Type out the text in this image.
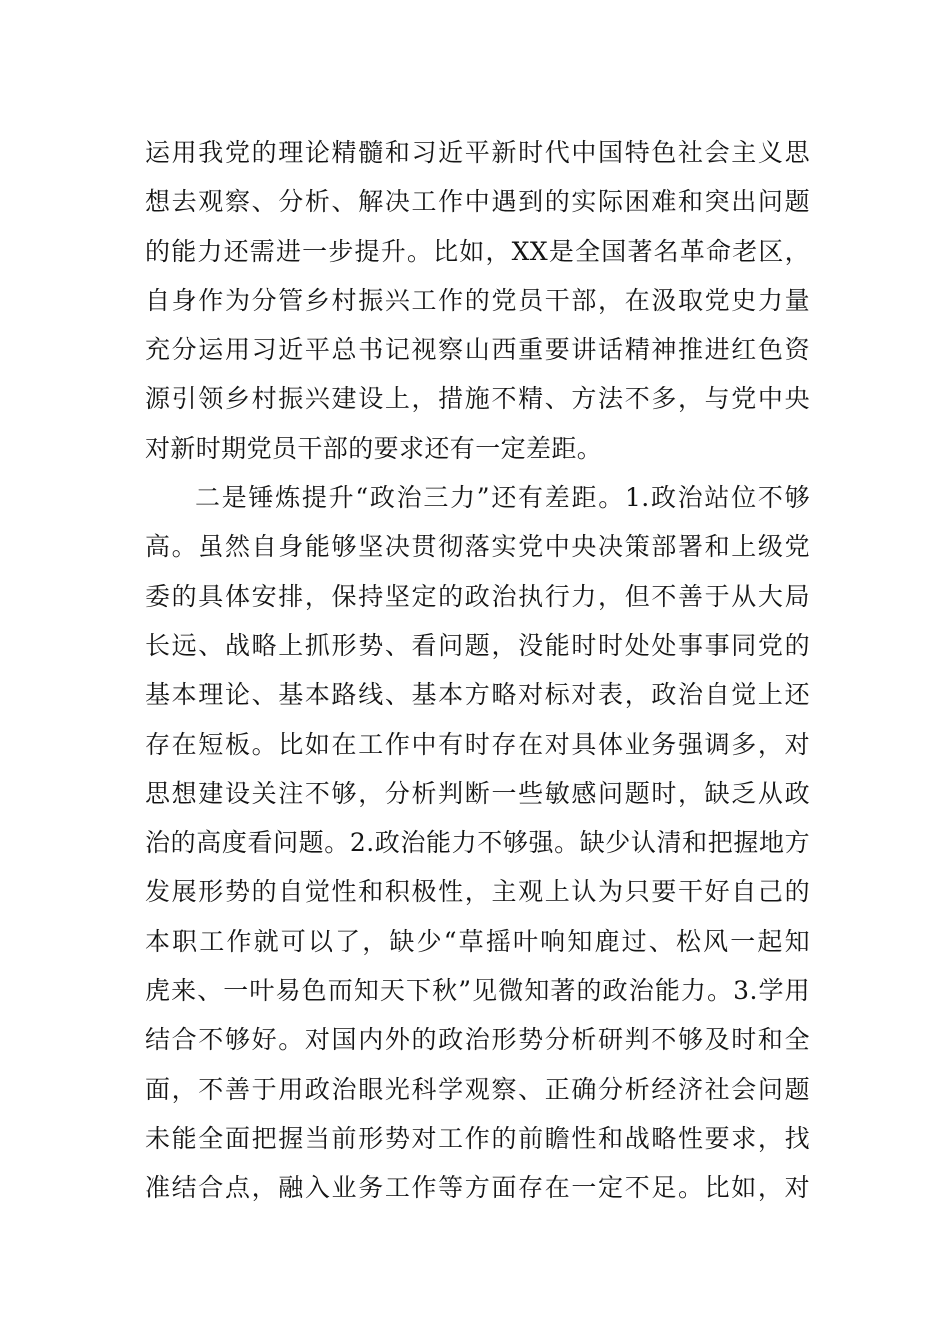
运用我党的理论精髓和习近平新时代中国特色社会主义思
想去观察、分析、解决工作中遇到的实际困难和突出问题
的能力还需进一步提升。比如，XX是全国著名革命老区，
自身作为分管乡村振兴工作的党员干部，在汲取党史力量
充分运用习近平总书记视察山西重要讲话精神推进红色资
源引领乡村振兴建设上，措施不精、方法不多，与党中央
对新时期党员干部的要求还有一定差距。
二是锤炼提升“政治三力”还有差距。1.政治站位不够
高。虽然自身能够坚决贯彻落实党中央决策部署和上级党
委的具体安排，保持坚定的政治执行力，但不善于从大局
长远、战略上抓形势、看问题，没能时时处处事事同党的
基本理论、基本路线、基本方略对标对表，政治自觉上还
存在短板。比如在工作中有时存在对具体业务强调多，对
思想建设关注不够，分析判断一些敏感问题时，缺乏从政
治的高度看问题。2.政治能力不够强。缺少认清和把握地方
发展形势的自觉性和积极性，主观上认为只要干好自己的
本职工作就可以了，缺少“草摇叶响知鹿过、松风一起知
虎来、一叶易色而知天下秋”见微知著的政治能力。3.学用
结合不够好。对国内外的政治形势分析研判不够及时和全
面，不善于用政治眼光科学观察、正确分析经济社会问题
未能全面把握当前形势对工作的前瞻性和战略性要求，找
准结合点，融入业务工作等方面存在一定不足。比如，对
